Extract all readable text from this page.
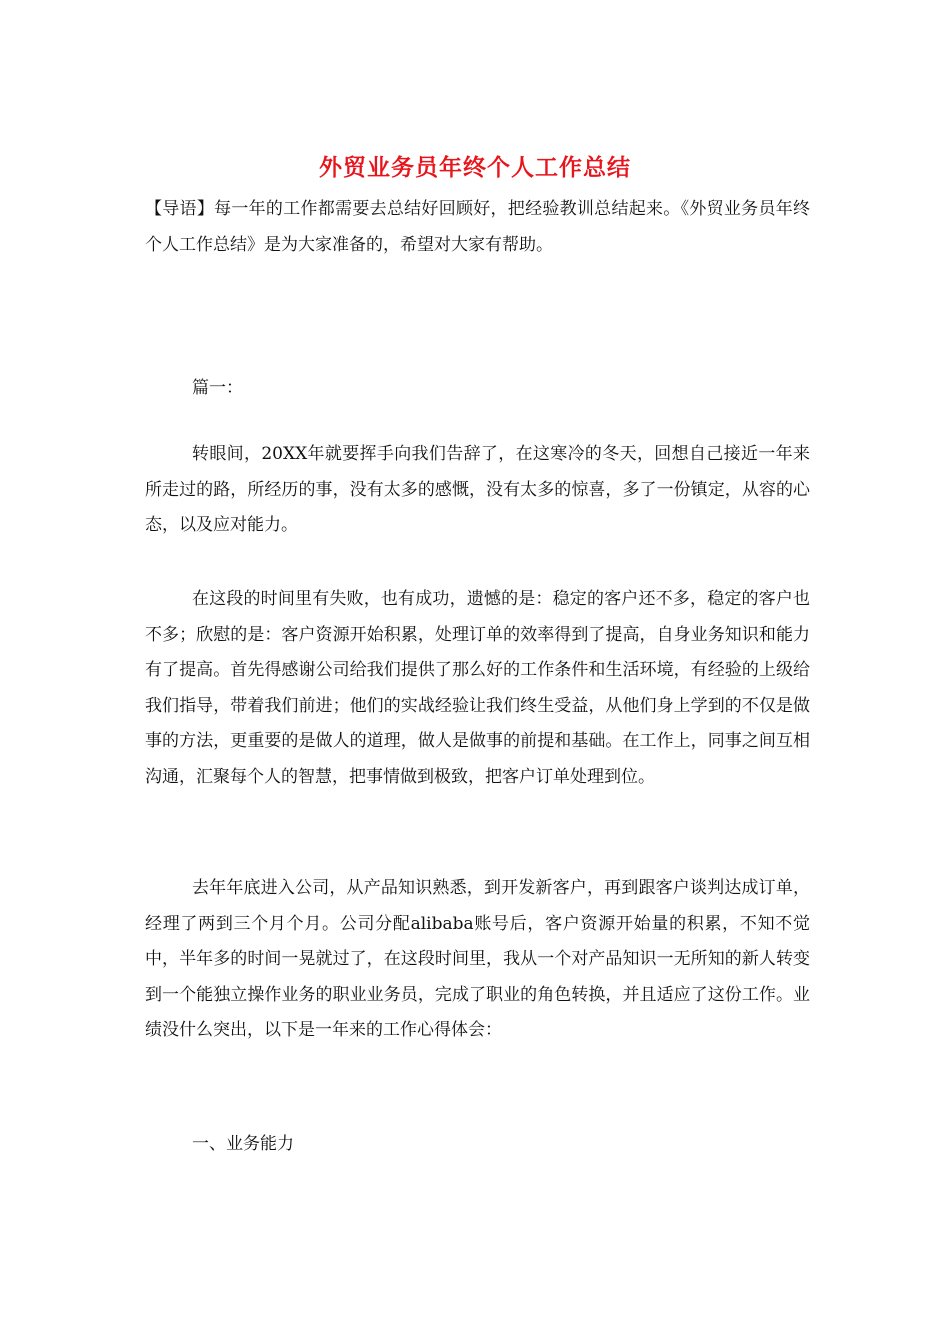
外贸业务员年终个人工作总结

【导语】每一年的工作都需要去总结好回顾好，把经验教训总结起来。《外贸业务员年终个人工作总结》是为大家准备的，希望对大家有帮助。

篇一：

转眼间，20XX年就要挥手向我们告辞了，在这寒冷的冬天，回想自己接近一年来所走过的路，所经历的事，没有太多的感慨，没有太多的惊喜，多了一份镇定，从容的心态，以及应对能力。

在这段的时间里有失败，也有成功，遗憾的是：稳定的客户还不多，稳定的客户也不多；欣慰的是：客户资源开始积累，处理订单的效率得到了提高，自身业务知识和能力有了提高。首先得感谢公司给我们提供了那么好的工作条件和生活环境，有经验的上级给我们指导，带着我们前进；他们的实战经验让我们终生受益，从他们身上学到的不仅是做事的方法，更重要的是做人的道理，做人是做事的前提和基础。在工作上，同事之间互相沟通，汇聚每个人的智慧，把事情做到极致，把客户订单处理到位。

去年年底进入公司，从产品知识熟悉，到开发新客户，再到跟客户谈判达成订单，经理了两到三个月个月。公司分配alibaba账号后，客户资源开始量的积累，不知不觉中，半年多的时间一晃就过了，在这段时间里，我从一个对产品知识一无所知的新人转变到一个能独立操作业务的职业业务员，完成了职业的角色转换，并且适应了这份工作。业绩没什么突出，以下是一年来的工作心得体会：

一、业务能力
